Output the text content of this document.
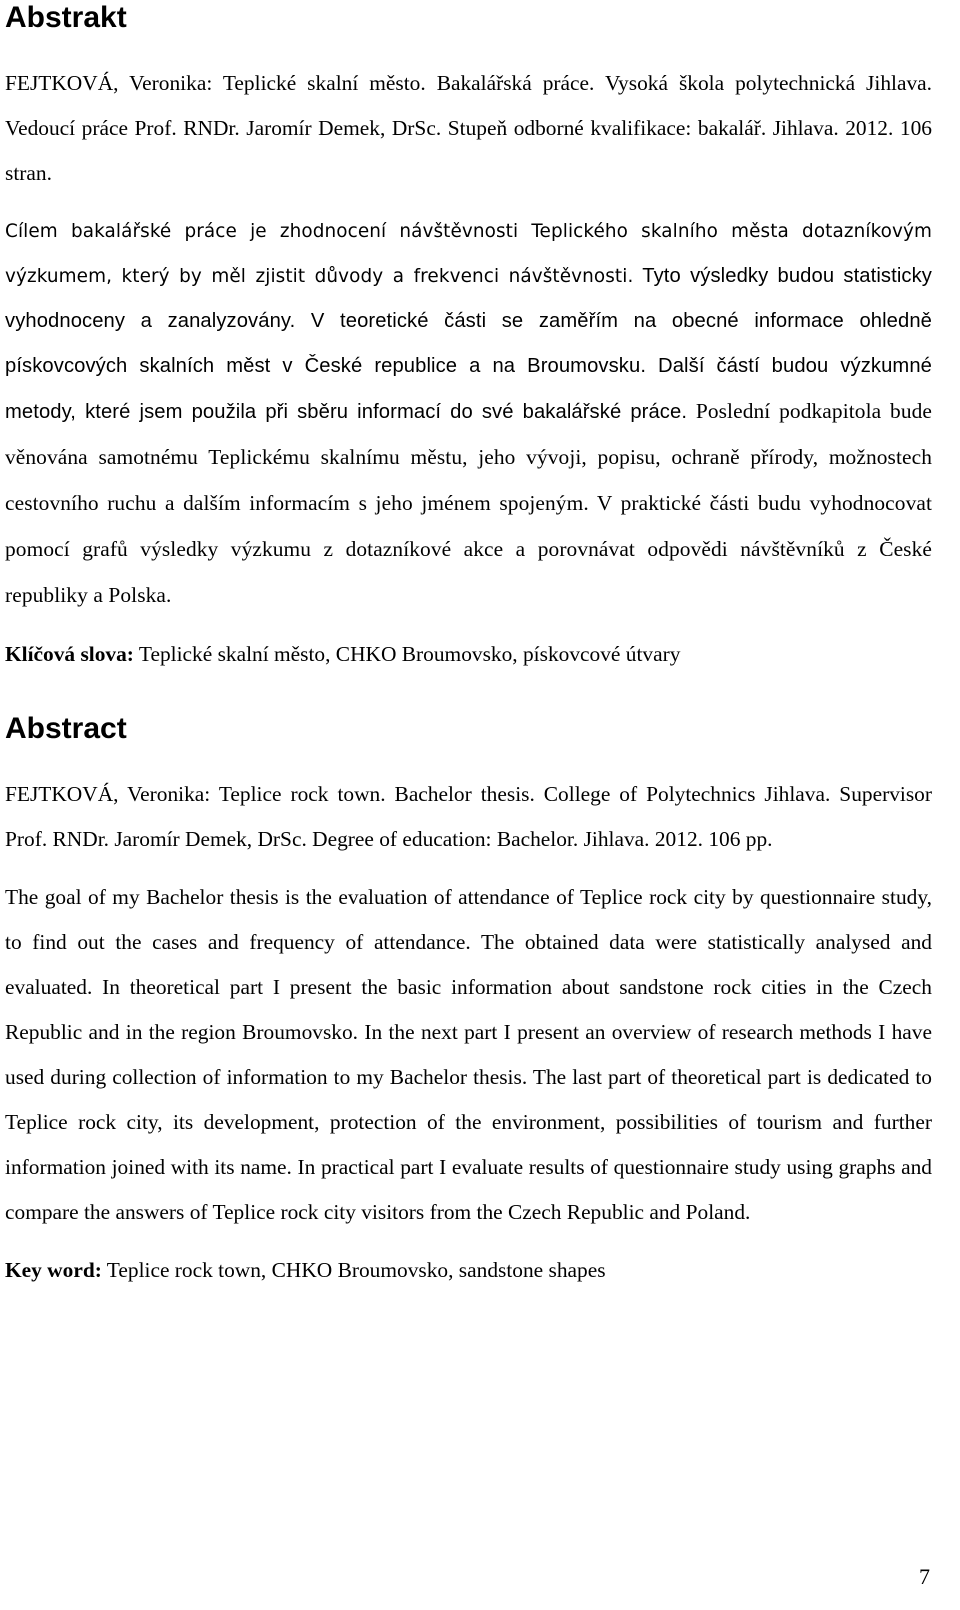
Abstrakt

FEJTKOVÁ, Veronika: Teplické skalní město. Bakalářská práce. Vysoká škola polytechnická Jihlava. Vedoucí práce Prof. RNDr. Jaromír Demek, DrSc. Stupeň odborné kvalifikace: bakalář. Jihlava. 2012. 106 stran.

Cílem bakalářské práce je zhodnocení návštěvnosti Teplického skalního města dotazníkovým výzkumem, který by měl zjistit důvody a frekvenci návštěvnosti. Tyto výsledky budou statisticky vyhodnoceny a zanalyzovány. V teoretické části se zaměřím na obecné informace ohledně pískovcových skalních měst v České republice a na Broumovsku. Další částí budou výzkumné metody, které jsem použila při sběru informací do své bakalářské práce. Poslední podkapitola bude věnována samotnému Teplickému skalnímu městu, jeho vývoji, popisu, ochraně přírody, možnostech cestovního ruchu a dalším informacím s jeho jménem spojeným. V praktické části budu vyhodnocovat pomocí grafů výsledky výzkumu z dotazníkové akce a porovnávat odpovědi návštěvníků z České republiky a Polska.

Klíčová slova: Teplické skalní město, CHKO Broumovsko, pískovcové útvary

Abstract

FEJTKOVÁ, Veronika: Teplice rock town. Bachelor thesis. College of Polytechnics Jihlava. Supervisor Prof. RNDr. Jaromír Demek, DrSc. Degree of education: Bachelor. Jihlava. 2012. 106 pp.

The goal of my Bachelor thesis is the evaluation of attendance of Teplice rock city by questionnaire study, to find out the cases and frequency of attendance. The obtained data were statistically analysed and evaluated. In theoretical part I present the basic information about sandstone rock cities in the Czech Republic and in the region Broumovsko. In the next part I present an overview of research methods I have used during collection of information to my Bachelor thesis. The last part of theoretical part is dedicated to Teplice rock city, its development, protection of the environment, possibilities of tourism and further information joined with its name. In practical part I evaluate results of questionnaire study using graphs and compare the answers of Teplice rock city visitors from the Czech Republic and Poland.

Key word: Teplice rock town, CHKO Broumovsko, sandstone shapes

7
